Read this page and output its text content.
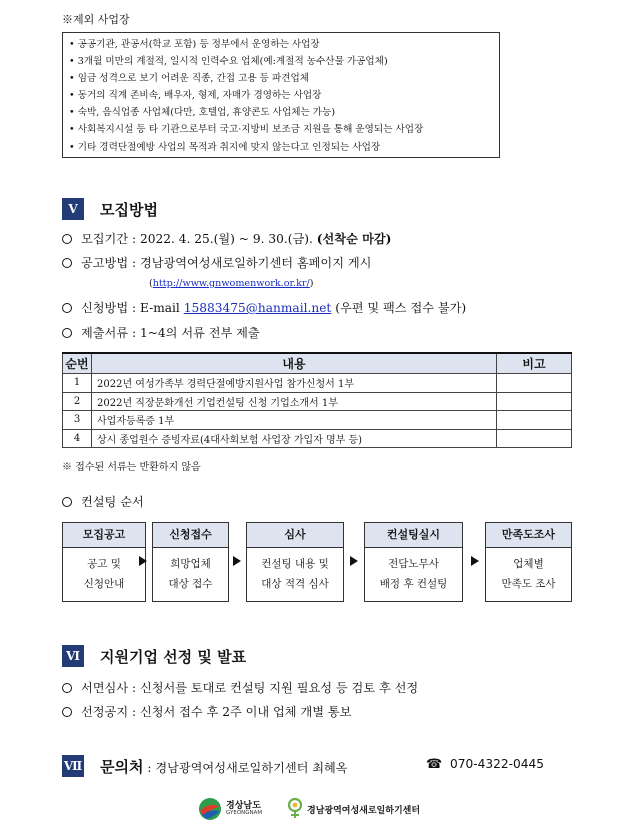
※제외 사업장
• 공공기관, 관공서(학교 포함) 등 정부에서 운영하는 사업장
• 3개월 미만의 계절적, 일시적 인력수요 업체(예:계절적 농수산물 가공업체)
• 임금 성격으로 보기 어려운 직종, 간접 고용 등 파견업체
• 동거의 직계 존비속, 배우자, 형제, 자매가 경영하는 사업장
• 숙박, 음식업종 사업체(다만, 호텔업, 휴양콘도 사업체는 가능)
• 사회복지시설 등 타 기관으로부터 국고·지방비 보조금 지원을 통해 운영되는 사업장
• 기타 경력단절예방 사업의 목적과 취지에 맞지 않는다고 인정되는 사업장
Ⅴ	모집방법
모집기간 : 2022. 4. 25.(월) ~ 9. 30.(금). (선착순 마감)
공고방법 : 경남광역여성새로일하기센터 홈페이지 게시
(http://www.gnwomenwork.or.kr/)
신청방법 : E-mail 15883475@hanmail.net (우편 및 팩스 접수 불가)
제출서류 : 1~4의 서류 전부 제출
순번	내용	비고
1	2022년 여성가족부 경력단절예방지원사업 참가신청서 1부	
2	2022년 직장문화개선 기업컨설팅 신청 기업소개서 1부	
3	사업자등록증 1부	
4	상시 종업원수 증빙자료(4대사회보험 사업장 가입자 명부 등)	
※ 접수된 서류는 반환하지 않음
컨설팅 순서
모집공고
공고 및
신청안내
신청접수
희망업체
대상 접수
심사
컨설팅 내용 및
대상 적격 심사
컨설팅실시
전담노무사
배정 후 컨설팅
만족도조사
업체별
만족도 조사
Ⅵ 지원기업 선정 및 발표
서면심사 : 신청서를 토대로 컨설팅 지원 필요성 등 검토 후 선정
선정공지 : 신청서 접수 후 2주 이내 업체 개별 통보
Ⅶ 문의처 : 경남광역여성새로일하기센터 최혜옥	☎ 070-4322-0445
경상남도
GYEONGNAM	경남광역여성새로일하기센터
